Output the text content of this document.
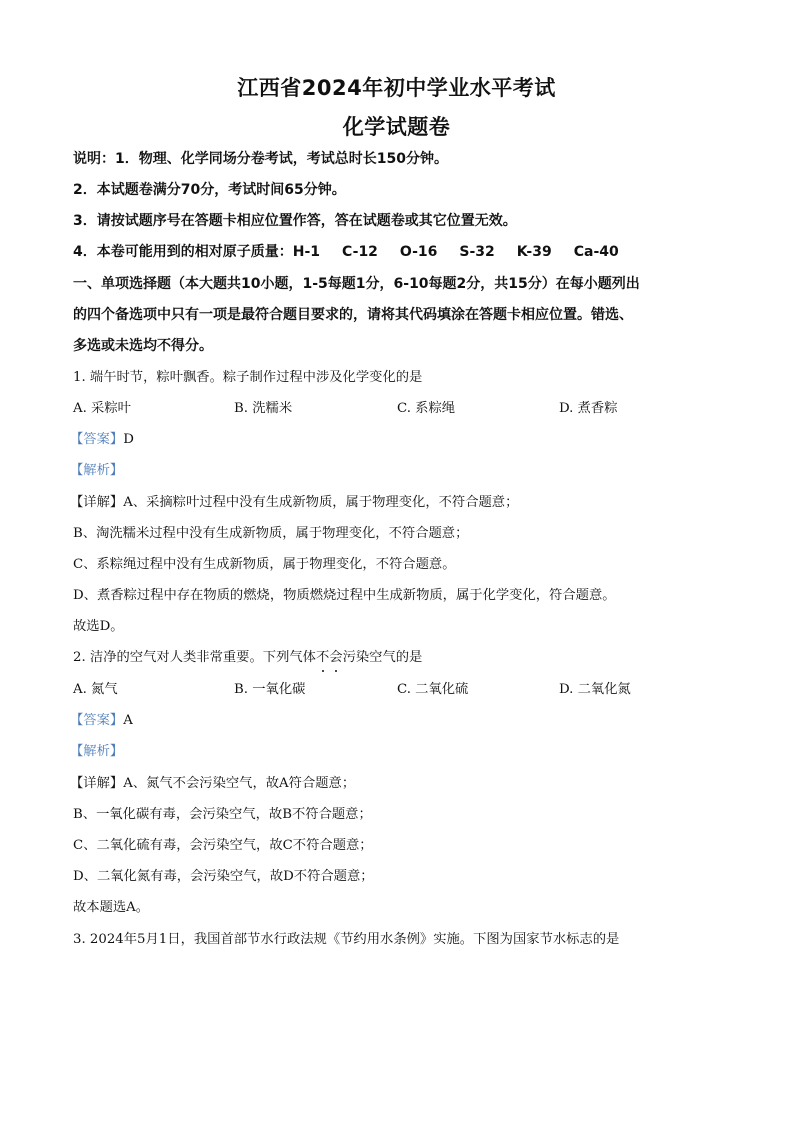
江西省2024年初中学业水平考试
化学试题卷
说明：1．物理、化学同场分卷考试，考试总时长150分钟。
2．本试题卷满分70分，考试时间65分钟。
3．请按试题序号在答题卡相应位置作答，答在试题卷或其它位置无效。
4．本卷可能用到的相对原子质量：H-1 C-12 O-16 S-32 K-39 Ca-40
一、单项选择题（本大题共10小题，1-5每题1分，6-10每题2分，共15分）在每小题列出
的四个备选项中只有一项是最符合题目要求的，请将其代码填涂在答题卡相应位置。错选、
多选或未选均不得分。
1. 端午时节，粽叶飘香。粽子制作过程中涉及化学变化的是
A. 采粽叶	B. 洗糯米	C. 系粽绳	D. 煮香粽
【答案】D
【解析】
【详解】A、采摘粽叶过程中没有生成新物质，属于物理变化，不符合题意；
B、淘洗糯米过程中没有生成新物质，属于物理变化，不符合题意；
C、系粽绳过程中没有生成新物质，属于物理变化，不符合题意。
D、煮香粽过程中存在物质的燃烧，物质燃烧过程中生成新物质，属于化学变化，符合题意。
故选D。
2. 洁净的空气对人类非常重要。下列气体不会污染空气的是
A. 氮气	B. 一氧化碳	C. 二氧化硫	D. 二氧化氮
【答案】A
【解析】
【详解】A、氮气不会污染空气，故A符合题意；
B、一氧化碳有毒，会污染空气，故B不符合题意；
C、二氧化硫有毒，会污染空气，故C不符合题意；
D、二氧化氮有毒，会污染空气，故D不符合题意；
故本题选A。
3. 2024年5月1日，我国首部节水行政法规《节约用水条例》实施。下图为国家节水标志的是
